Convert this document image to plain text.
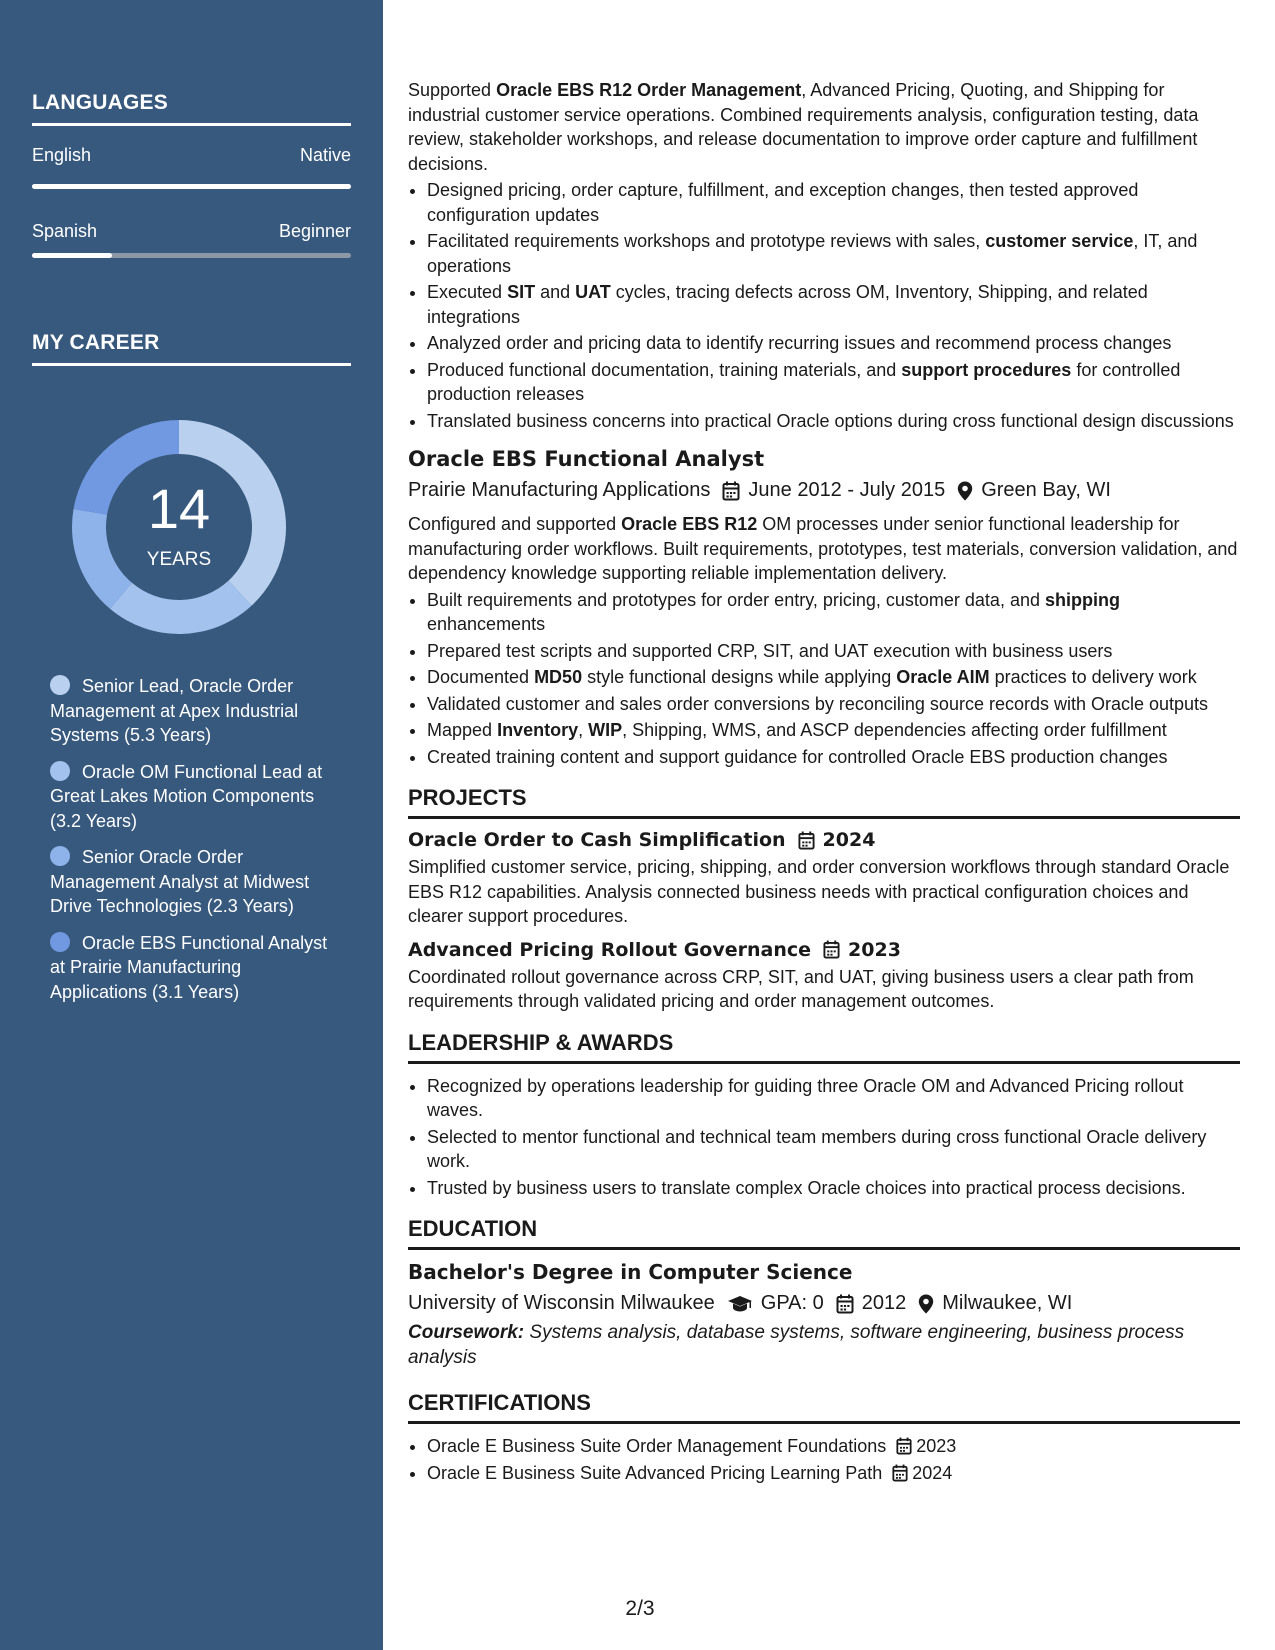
LANGUAGES
English	Native
Spanish	Beginner
MY CAREER
14
YEARS
Senior Lead, Oracle Order Management at Apex Industrial Systems (5.3 Years)
Oracle OM Functional Lead at Great Lakes Motion Components (3.2 Years)
Senior Oracle Order Management Analyst at Midwest Drive Technologies (2.3 Years)
Oracle EBS Functional Analyst at Prairie Manufacturing Applications (3.1 Years)
Supported Oracle EBS R12 Order Management, Advanced Pricing, Quoting, and Shipping for industrial customer service operations. Combined requirements analysis, configuration testing, data review, stakeholder workshops, and release documentation to improve order capture and fulfillment decisions.
• Designed pricing, order capture, fulfillment, and exception changes, then tested approved configuration updates
• Facilitated requirements workshops and prototype reviews with sales, customer service, IT, and operations
• Executed SIT and UAT cycles, tracing defects across OM, Inventory, Shipping, and related integrations
• Analyzed order and pricing data to identify recurring issues and recommend process changes
• Produced functional documentation, training materials, and support procedures for controlled production releases
• Translated business concerns into practical Oracle options during cross functional design discussions
Oracle EBS Functional Analyst
Prairie Manufacturing Applications June 2012 - July 2015 Green Bay, WI
Configured and supported Oracle EBS R12 OM processes under senior functional leadership for manufacturing order workflows. Built requirements, prototypes, test materials, conversion validation, and dependency knowledge supporting reliable implementation delivery.
• Built requirements and prototypes for order entry, pricing, customer data, and shipping enhancements
• Prepared test scripts and supported CRP, SIT, and UAT execution with business users
• Documented MD50 style functional designs while applying Oracle AIM practices to delivery work
• Validated customer and sales order conversions by reconciling source records with Oracle outputs
• Mapped Inventory, WIP, Shipping, WMS, and ASCP dependencies affecting order fulfillment
• Created training content and support guidance for controlled Oracle EBS production changes
PROJECTS
Oracle Order to Cash Simplification 2024
Simplified customer service, pricing, shipping, and order conversion workflows through standard Oracle EBS R12 capabilities. Analysis connected business needs with practical configuration choices and clearer support procedures.
Advanced Pricing Rollout Governance 2023
Coordinated rollout governance across CRP, SIT, and UAT, giving business users a clear path from requirements through validated pricing and order management outcomes.
LEADERSHIP & AWARDS
• Recognized by operations leadership for guiding three Oracle OM and Advanced Pricing rollout waves.
• Selected to mentor functional and technical team members during cross functional Oracle delivery work.
• Trusted by business users to translate complex Oracle choices into practical process decisions.
EDUCATION
Bachelor's Degree in Computer Science
University of Wisconsin Milwaukee GPA: 0 2012 Milwaukee, WI
Coursework: Systems analysis, database systems, software engineering, business process analysis
CERTIFICATIONS
• Oracle E Business Suite Order Management Foundations 2023
• Oracle E Business Suite Advanced Pricing Learning Path 2024
2/3
